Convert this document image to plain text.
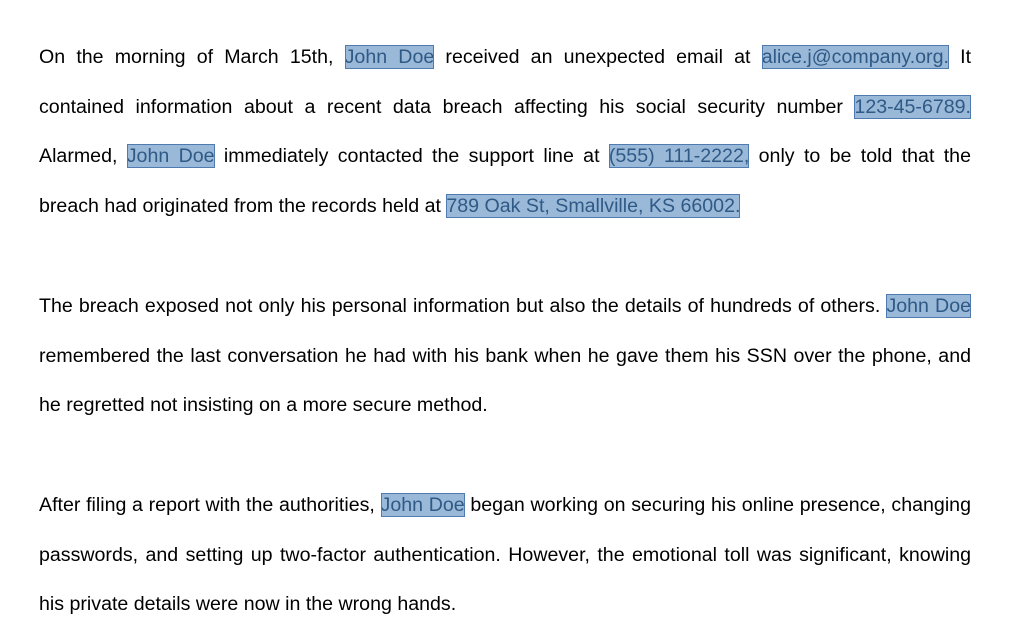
On the morning of March 15th, John Doe received an unexpected email at alice.j@company.org. It contained information about a recent data breach affecting his social security number 123-45-6789. Alarmed, John Doe immediately contacted the support line at (555) 111-2222, only to be told that the breach had originated from the records held at 789 Oak St, Smallville, KS 66002.

The breach exposed not only his personal information but also the details of hundreds of others. John Doe remembered the last conversation he had with his bank when he gave them his SSN over the phone, and he regretted not insisting on a more secure method.

After filing a report with the authorities, John Doe began working on securing his online presence, changing passwords, and setting up two-factor authentication. However, the emotional toll was significant, knowing his private details were now in the wrong hands.
